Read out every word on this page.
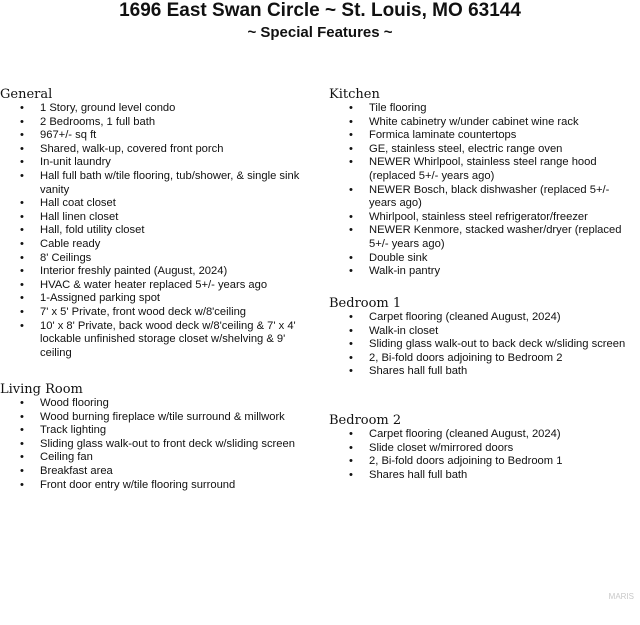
1696 East Swan Circle ~ St. Louis, MO 63144
~ Special Features ~
General
• 1 Story, ground level condo
• 2 Bedrooms, 1 full bath
• 967+/- sq ft
• Shared, walk-up, covered front porch
• In-unit laundry
• Hall full bath w/tile flooring, tub/shower, & single sink vanity
• Hall coat closet
• Hall linen closet
• Hall, fold utility closet
• Cable ready
• 8' Ceilings
• Interior freshly painted (August, 2024)
• HVAC & water heater replaced 5+/- years ago
• 1-Assigned parking spot
• 7' x 5' Private, front wood deck w/8'ceiling
• 10' x 8' Private, back wood deck w/8'ceiling & 7' x 4' lockable unfinished storage closet w/shelving & 9' ceiling
Living Room
• Wood flooring
• Wood burning fireplace w/tile surround & millwork
• Track lighting
• Sliding glass walk-out to front deck w/sliding screen
• Ceiling fan
• Breakfast area
• Front door entry w/tile flooring surround
Kitchen
• Tile flooring
• White cabinetry w/under cabinet wine rack
• Formica laminate countertops
• GE, stainless steel, electric range oven
• NEWER Whirlpool, stainless steel range hood (replaced 5+/- years ago)
• NEWER Bosch, black dishwasher (replaced 5+/- years ago)
• Whirlpool, stainless steel refrigerator/freezer
• NEWER Kenmore, stacked washer/dryer (replaced 5+/- years ago)
• Double sink
• Walk-in pantry
Bedroom 1
• Carpet flooring (cleaned August, 2024)
• Walk-in closet
• Sliding glass walk-out to back deck w/sliding screen
• 2, Bi-fold doors adjoining to Bedroom 2
• Shares hall full bath
Bedroom 2
• Carpet flooring (cleaned August, 2024)
• Slide closet w/mirrored doors
• 2, Bi-fold doors adjoining to Bedroom 1
• Shares hall full bath
MARIS
